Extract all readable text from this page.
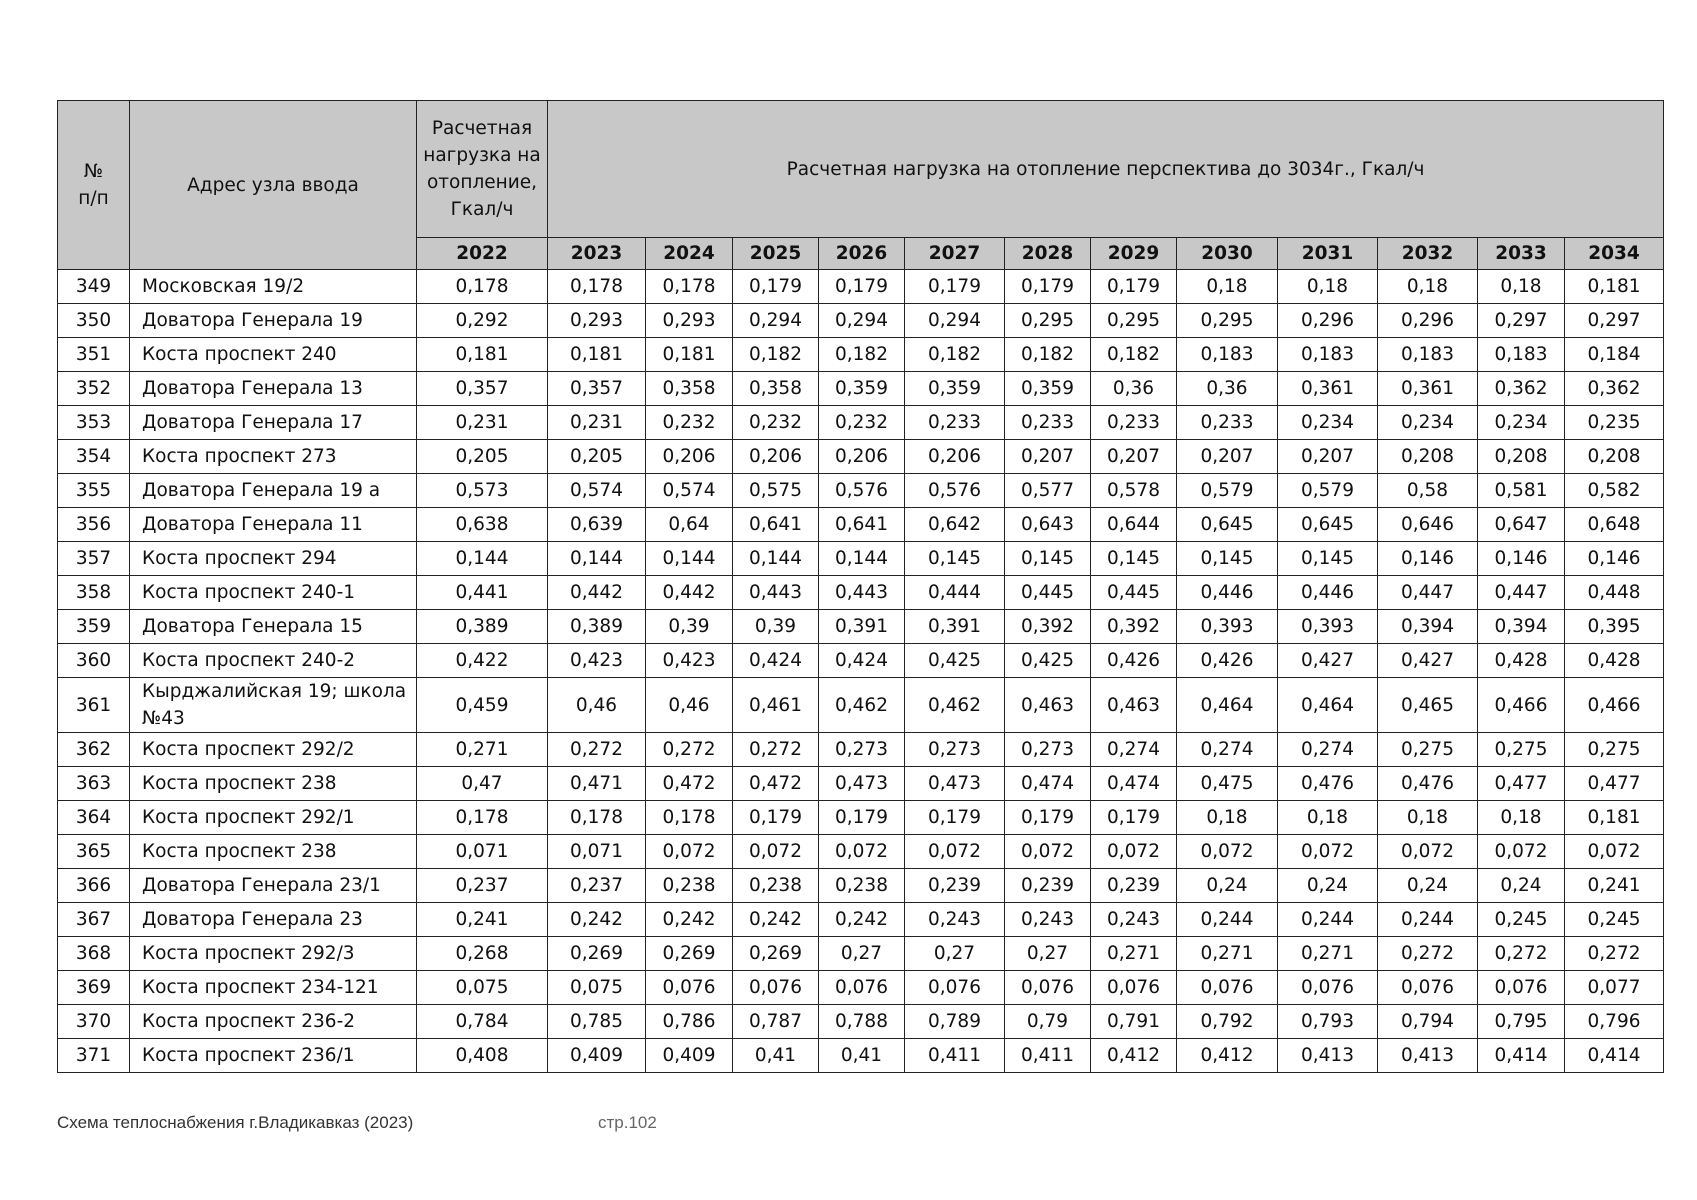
№ п/п	Адрес узла ввода	Расчетная нагрузка на отопление, Гкал/ч	Расчетная нагрузка на отопление перспектива до 3034г., Гкал/ч											
		2022	2023	2024	2025	2026	2027	2028	2029	2030	2031	2032	2033	2034
349	Московская 19/2	0,178	0,178	0,178	0,179	0,179	0,179	0,179	0,179	0,18	0,18	0,18	0,18	0,181
350	Доватора Генерала 19	0,292	0,293	0,293	0,294	0,294	0,294	0,295	0,295	0,295	0,296	0,296	0,297	0,297
351	Коста проспект 240	0,181	0,181	0,181	0,182	0,182	0,182	0,182	0,182	0,183	0,183	0,183	0,183	0,184
352	Доватора Генерала 13	0,357	0,357	0,358	0,358	0,359	0,359	0,359	0,36	0,36	0,361	0,361	0,362	0,362
353	Доватора Генерала 17	0,231	0,231	0,232	0,232	0,232	0,233	0,233	0,233	0,233	0,234	0,234	0,234	0,235
354	Коста проспект 273	0,205	0,205	0,206	0,206	0,206	0,206	0,207	0,207	0,207	0,207	0,208	0,208	0,208
355	Доватора Генерала 19 а	0,573	0,574	0,574	0,575	0,576	0,576	0,577	0,578	0,579	0,579	0,58	0,581	0,582
356	Доватора Генерала 11	0,638	0,639	0,64	0,641	0,641	0,642	0,643	0,644	0,645	0,645	0,646	0,647	0,648
357	Коста проспект 294	0,144	0,144	0,144	0,144	0,144	0,145	0,145	0,145	0,145	0,145	0,146	0,146	0,146
358	Коста проспект 240-1	0,441	0,442	0,442	0,443	0,443	0,444	0,445	0,445	0,446	0,446	0,447	0,447	0,448
359	Доватора Генерала 15	0,389	0,389	0,39	0,39	0,391	0,391	0,392	0,392	0,393	0,393	0,394	0,394	0,395
360	Коста проспект 240-2	0,422	0,423	0,423	0,424	0,424	0,425	0,425	0,426	0,426	0,427	0,427	0,428	0,428
361	Кырджалийская 19; школа №43	0,459	0,46	0,46	0,461	0,462	0,462	0,463	0,463	0,464	0,464	0,465	0,466	0,466
362	Коста проспект 292/2	0,271	0,272	0,272	0,272	0,273	0,273	0,273	0,274	0,274	0,274	0,275	0,275	0,275
363	Коста проспект 238	0,47	0,471	0,472	0,472	0,473	0,473	0,474	0,474	0,475	0,476	0,476	0,477	0,477
364	Коста проспект 292/1	0,178	0,178	0,178	0,179	0,179	0,179	0,179	0,179	0,18	0,18	0,18	0,18	0,181
365	Коста проспект 238	0,071	0,071	0,072	0,072	0,072	0,072	0,072	0,072	0,072	0,072	0,072	0,072	0,072
366	Доватора Генерала 23/1	0,237	0,237	0,238	0,238	0,238	0,239	0,239	0,239	0,24	0,24	0,24	0,24	0,241
367	Доватора Генерала 23	0,241	0,242	0,242	0,242	0,242	0,243	0,243	0,243	0,244	0,244	0,244	0,245	0,245
368	Коста проспект 292/3	0,268	0,269	0,269	0,269	0,27	0,27	0,27	0,271	0,271	0,271	0,272	0,272	0,272
369	Коста проспект 234-121	0,075	0,075	0,076	0,076	0,076	0,076	0,076	0,076	0,076	0,076	0,076	0,076	0,077
370	Коста проспект 236-2	0,784	0,785	0,786	0,787	0,788	0,789	0,79	0,791	0,792	0,793	0,794	0,795	0,796
371	Коста проспект 236/1	0,408	0,409	0,409	0,41	0,41	0,411	0,411	0,412	0,412	0,413	0,413	0,414	0,414
Схема теплоснабжения г.Владикавказ (2023)	стр.102
